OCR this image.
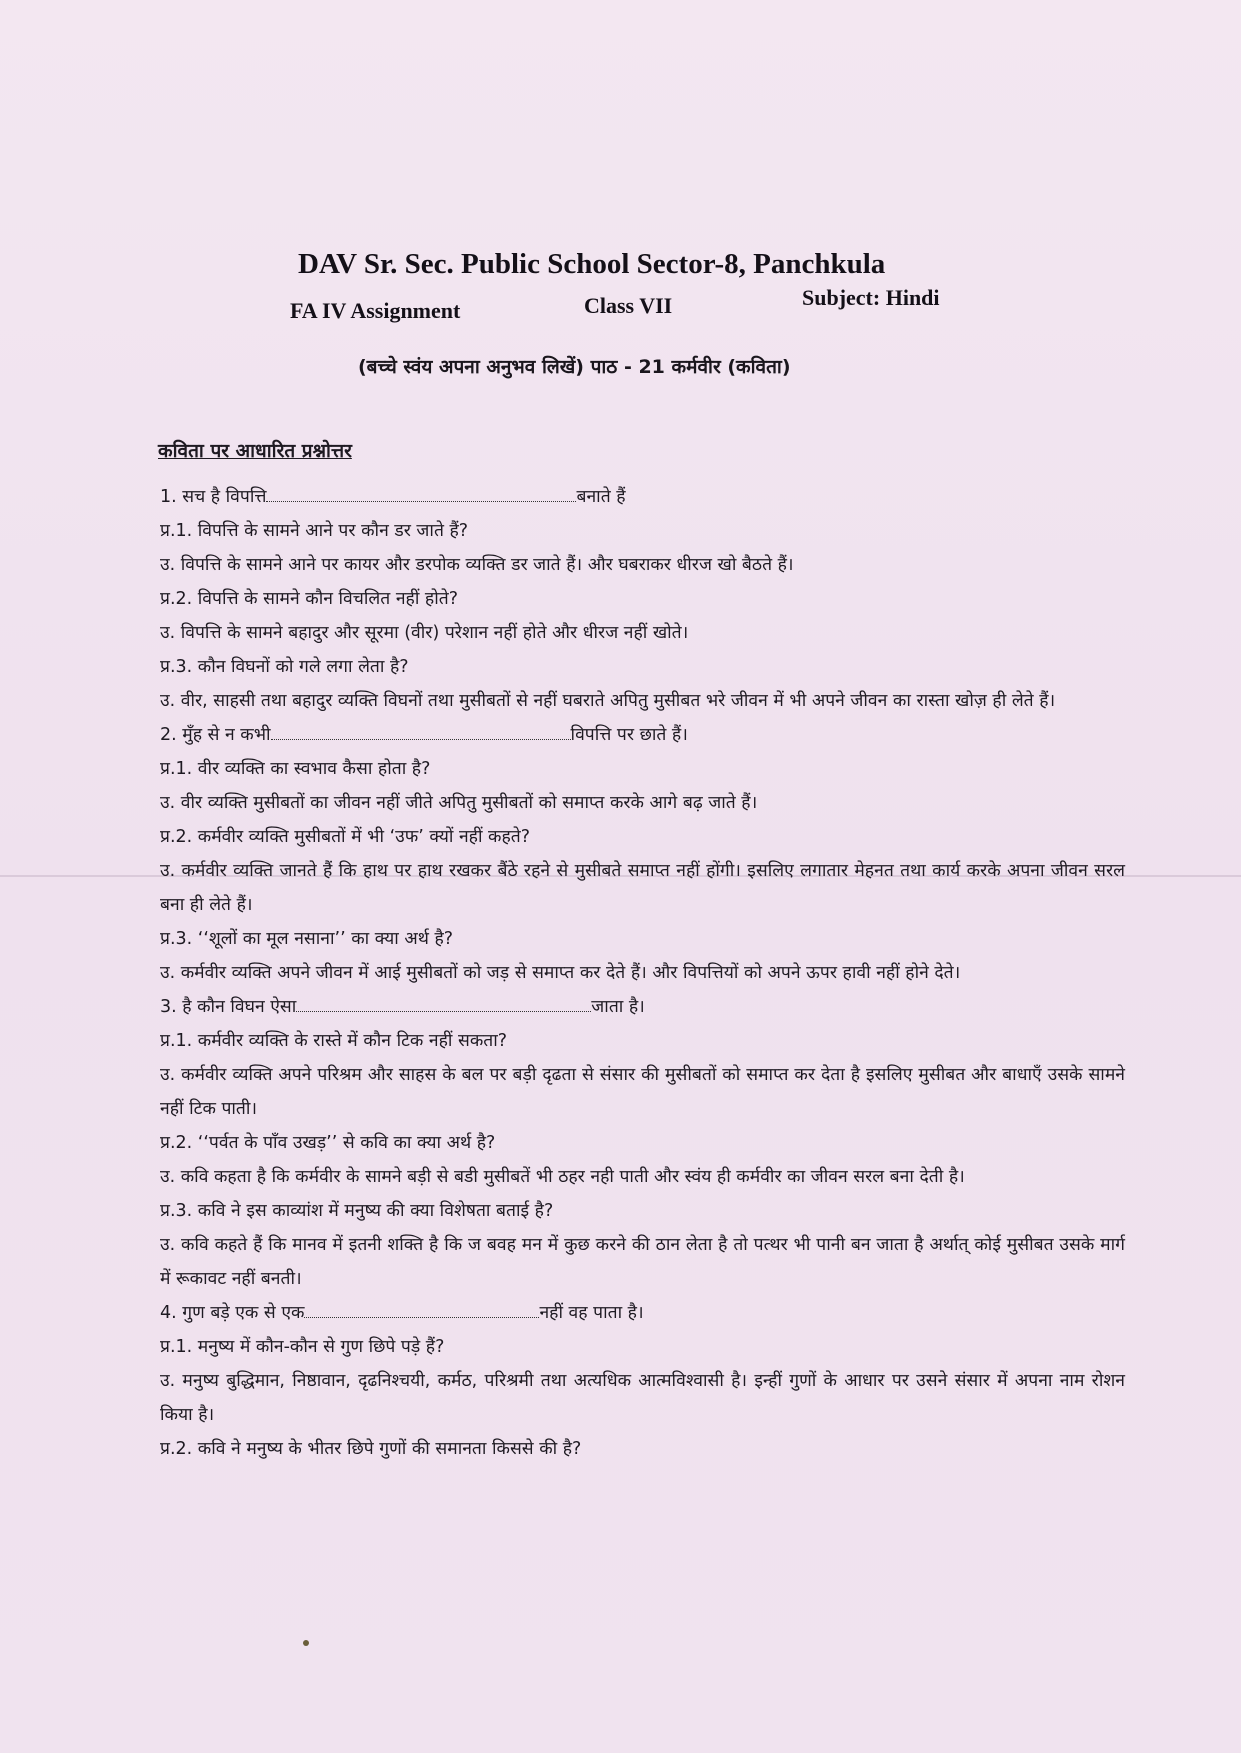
DAV Sr. Sec. Public School Sector-8, Panchkula
FA IV Assignment	Class VII	Subject: Hindi
(बच्चे स्वंय अपना अनुभव लिखें) पाठ - 21 कर्मवीर (कविता)
कविता पर आधारित प्रश्नोत्तर

1. सच है विपत्ति	बनाते हैं

प्र.1. विपत्ति के सामने आने पर कौन डर जाते हैं?

उ. विपत्ति के सामने आने पर कायर और डरपोक व्यक्ति डर जाते हैं। और घबराकर धीरज खो बैठते हैं।

प्र.2. विपत्ति के सामने कौन विचलित नहीं होते?

उ. विपत्ति के सामने बहादुर और सूरमा (वीर) परेशान नहीं होते और धीरज नहीं खोते।

प्र.3. कौन विघनों को गले लगा लेता है?

उ. वीर, साहसी तथा बहादुर व्यक्ति विघनों तथा मुसीबतों से नहीं घबराते अपितु मुसीबत भरे जीवन में भी अपने जीवन का रास्ता खोज़ ही लेते हैं।

2. मुँह से न कभी	विपत्ति पर छाते हैं।

प्र.1. वीर व्यक्ति का स्वभाव कैसा होता है?

उ. वीर व्यक्ति मुसीबतों का जीवन नहीं जीते अपितु मुसीबतों को समाप्त करके आगे बढ़ जाते हैं।

प्र.2. कर्मवीर व्यक्ति मुसीबतों में भी ‘उफ’ क्यों नहीं कहते?

उ. कर्मवीर व्यक्ति जानते हैं कि हाथ पर हाथ रखकर बैंठे रहने से मुसीबते समाप्त नहीं होंगी। इसलिए लगातार मेहनत तथा कार्य करके अपना जीवन सरल बना ही लेते हैं।

प्र.3. ‘‘शूलों का मूल नसाना’’ का क्या अर्थ है?

उ. कर्मवीर व्यक्ति अपने जीवन में आई मुसीबतों को जड़ से समाप्त कर देते हैं। और विपत्तियों को अपने ऊपर हावी नहीं होने देते।

3. है कौन विघन ऐसा	जाता है।

प्र.1. कर्मवीर व्यक्ति के रास्ते में कौन टिक नहीं सकता?

उ. कर्मवीर व्यक्ति अपने परिश्रम और साहस के बल पर बड़ी दृढता से संसार की मुसीबतों को समाप्त कर देता है इसलिए मुसीबत और बाधाएँ उसके सामने नहीं टिक पाती।

प्र.2. ‘‘पर्वत के पाँव उखड़’’ से कवि का क्या अर्थ है?

उ. कवि कहता है कि कर्मवीर के सामने बड़ी से बडी मुसीबतें भी ठहर नही पाती और स्वंय ही कर्मवीर का जीवन सरल बना देती है।

प्र.3. कवि ने इस काव्यांश में मनुष्य की क्या विशेषता बताई है?

उ. कवि कहते हैं कि मानव में इतनी शक्ति है कि ज बवह मन में कुछ करने की ठान लेता है तो पत्थर भी पानी बन जाता है अर्थात् कोई मुसीबत उसके मार्ग में रूकावट नहीं बनती।

4. गुण बड़े एक से एक	नहीं वह पाता है।

प्र.1. मनुष्य में कौन-कौन से गुण छिपे पड़े हैं?

उ. मनुष्य बुद्धिमान, निष्ठावान, दृढनिश्चयी, कर्मठ, परिश्रमी तथा अत्यधिक आत्मविश्वासी है। इन्हीं गुणों के आधार पर उसने संसार में अपना नाम रोशन किया है।

प्र.2. कवि ने मनुष्य के भीतर छिपे गुणों की समानता किससे की है?
